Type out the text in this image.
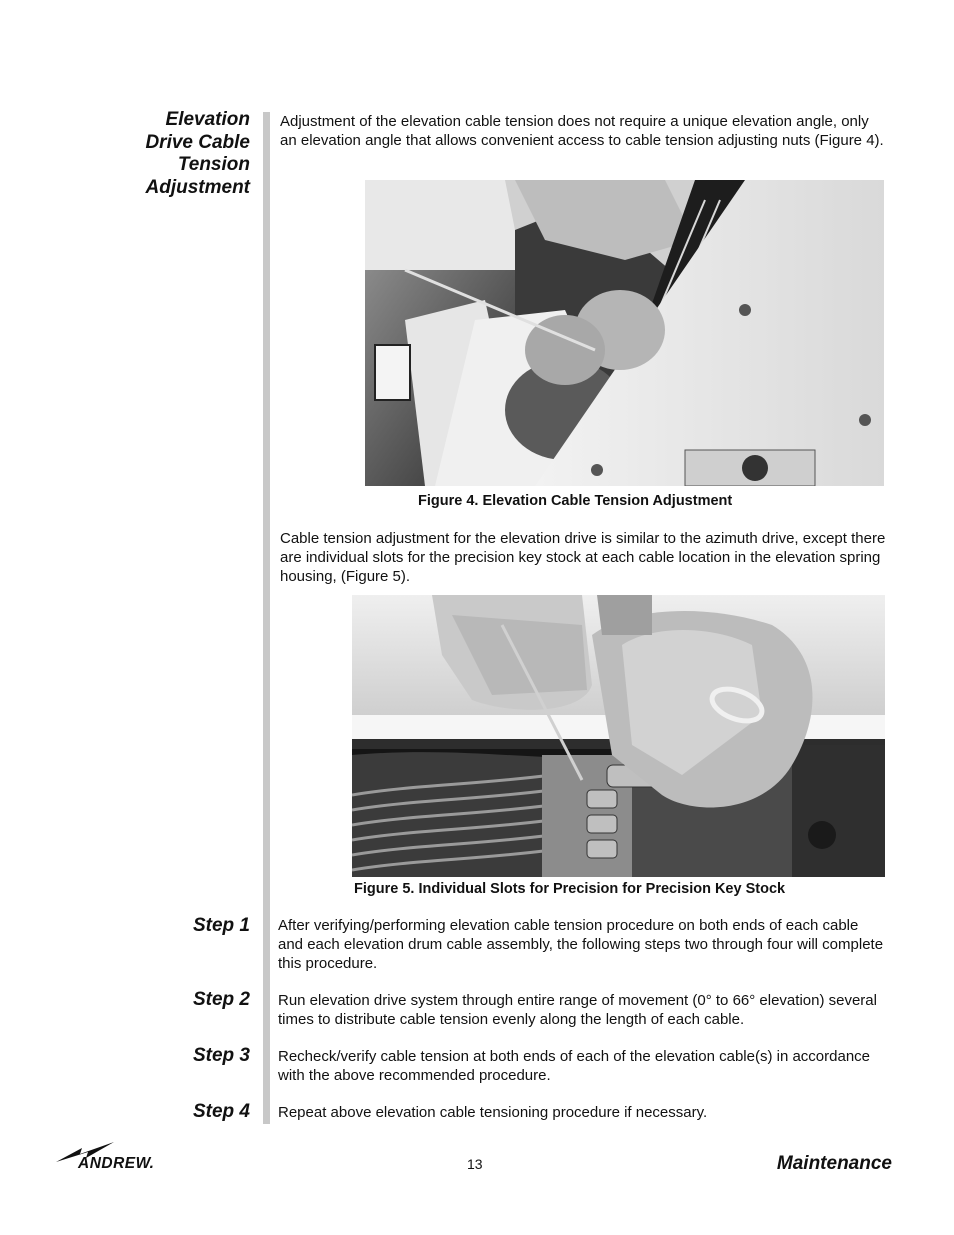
Elevation
Drive Cable
Tension
Adjustment

Adjustment of the elevation cable tension does not require a unique elevation angle, only an elevation angle that allows convenient access to cable tension adjusting nuts (Figure 4).

Figure 4. Elevation Cable Tension Adjustment

Cable tension adjustment for the elevation drive is similar to the azimuth drive, except there are individual slots for the precision key stock at each cable location in the elevation spring housing, (Figure 5).

Figure 5. Individual Slots for Precision for Precision Key Stock
Step 1 After verifying/performing elevation cable tension procedure on both ends of each cable and each elevation drum cable assembly, the following steps two through four will complete this procedure.

Step 2 Run elevation drive system through entire range of movement (0° to 66° elevation) several times to distribute cable tension evenly along the length of each cable.

Step 3 Recheck/verify cable tension at both ends of each of the elevation cable(s) in accordance with the above recommended procedure.

Step 4 Repeat above elevation cable tensioning procedure if necessary.

ANDREW.	13	Maintenance
